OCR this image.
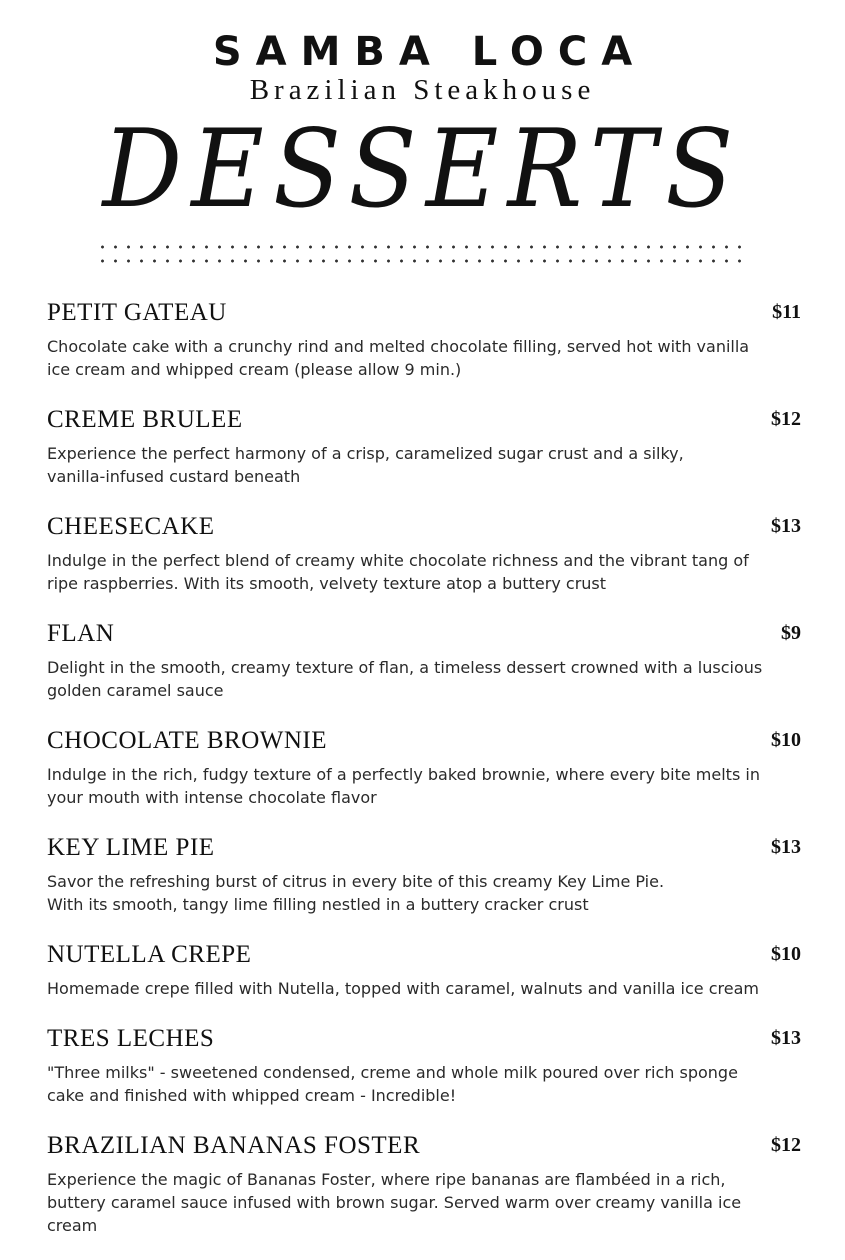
SAMBA LOCA
Brazilian Steakhouse
DESSERTS
PETIT GATEAU	$11
Chocolate cake with a crunchy rind and melted chocolate filling, served hot with vanilla
ice cream and whipped cream (please allow 9 min.)
CREME BRULEE	$12
Experience the perfect harmony of a crisp, caramelized sugar crust and a silky,
vanilla-infused custard beneath
CHEESECAKE	$13
Indulge in the perfect blend of creamy white chocolate richness and the vibrant tang of
ripe raspberries. With its smooth, velvety texture atop a buttery crust
FLAN	$9
Delight in the smooth, creamy texture of flan, a timeless dessert crowned with a luscious
golden caramel sauce
CHOCOLATE BROWNIE	$10
Indulge in the rich, fudgy texture of a perfectly baked brownie, where every bite melts in
your mouth with intense chocolate flavor
KEY LIME PIE	$13
Savor the refreshing burst of citrus in every bite of this creamy Key Lime Pie.
With its smooth, tangy lime filling nestled in a buttery cracker crust
NUTELLA CREPE	$10
Homemade crepe filled with Nutella, topped with caramel, walnuts and vanilla ice cream
TRES LECHES	$13
"Three milks" - sweetened condensed, creme and whole milk poured over rich sponge
cake and finished with whipped cream - Incredible!
BRAZILIAN BANANAS FOSTER	$12
Experience the magic of Bananas Foster, where ripe bananas are flambéed in a rich,
buttery caramel sauce infused with brown sugar. Served warm over creamy vanilla ice
cream
